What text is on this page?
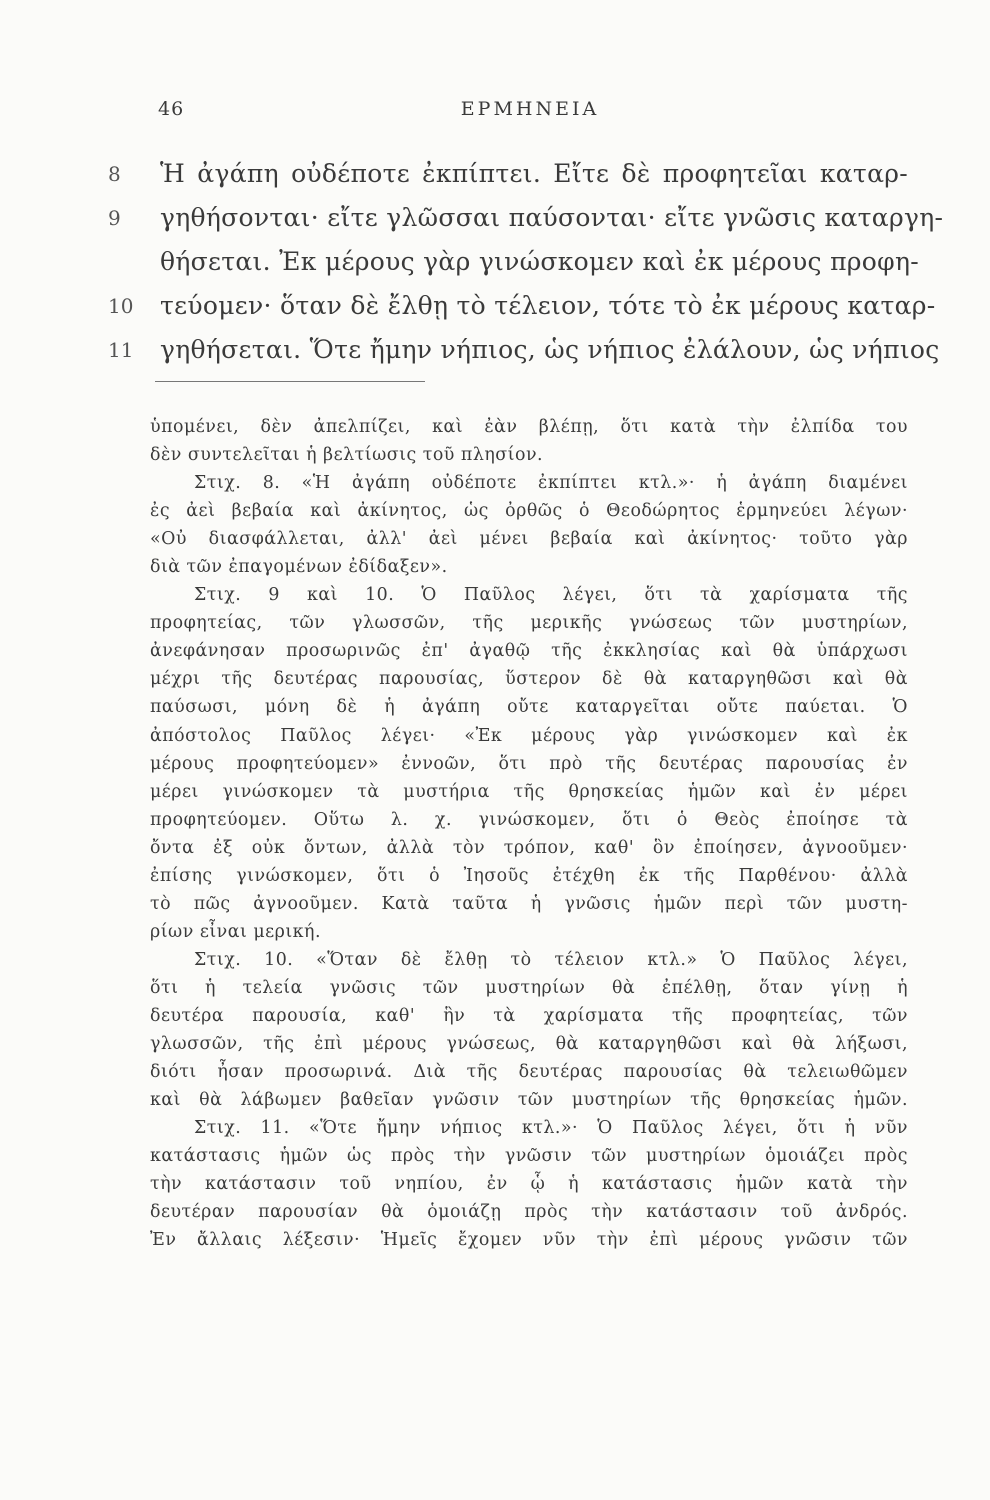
46	ΕΡΜΗΝΕΙΑ
8	Ἡ ἀγάπη οὐδέποτε ἐκπίπτει. Εἴτε δὲ προφητεῖαι καταρ-
9	γηθήσονται· εἴτε γλῶσσαι παύσονται· εἴτε γνῶσις καταργη-
θήσεται. Ἐκ μέρους γὰρ γινώσκομεν καὶ ἐκ μέρους προφη-
10	τεύομεν· ὅταν δὲ ἔλθῃ τὸ τέλειον, τότε τὸ ἐκ μέρους καταρ-
11	γηθήσεται. Ὅτε ἤμην νήπιος, ὡς νήπιος ἐλάλουν, ὡς νήπιος
ὑπομένει, δὲν ἀπελπίζει, καὶ ἐὰν βλέπῃ, ὅτι κατὰ τὴν ἐλπίδα του
δὲν συντελεῖται ἡ βελτίωσις τοῦ πλησίον.
Στιχ. 8. «Ἡ ἀγάπη οὐδέποτε ἐκπίπτει κτλ.»· ἡ ἀγάπη διαμένει
ἐς ἀεὶ βεβαία καὶ ἀκίνητος, ὡς ὀρθῶς ὁ Θεοδώρητος ἑρμηνεύει λέγων·
«Οὐ διασφάλλεται, ἀλλ' ἀεὶ μένει βεβαία καὶ ἀκίνητος· τοῦτο γὰρ
διὰ τῶν ἐπαγομένων ἐδίδαξεν».
Στιχ. 9 καὶ 10. Ὁ Παῦλος λέγει, ὅτι τὰ χαρίσματα τῆς
προφητείας, τῶν γλωσσῶν, τῆς μερικῆς γνώσεως τῶν μυστηρίων,
ἀνεφάνησαν προσωρινῶς ἐπ' ἀγαθῷ τῆς ἐκκλησίας καὶ θὰ ὑπάρχωσι
μέχρι τῆς δευτέρας παρουσίας, ὕστερον δὲ θὰ καταργηθῶσι καὶ θὰ
παύσωσι, μόνη δὲ ἡ ἀγάπη οὔτε καταργεῖται οὔτε παύεται. Ὁ
ἀπόστολος Παῦλος λέγει· «Ἐκ μέρους γὰρ γινώσκομεν καὶ ἐκ
μέρους προφητεύομεν» ἐννοῶν, ὅτι πρὸ τῆς δευτέρας παρουσίας ἐν
μέρει γινώσκομεν τὰ μυστήρια τῆς θρησκείας ἡμῶν καὶ ἐν μέρει
προφητεύομεν. Οὕτω λ. χ. γινώσκομεν, ὅτι ὁ Θεὸς ἐποίησε τὰ
ὄντα ἐξ οὐκ ὄντων, ἀλλὰ τὸν τρόπον, καθ' ὃν ἐποίησεν, ἀγνοοῦμεν·
ἐπίσης γινώσκομεν, ὅτι ὁ Ἰησοῦς ἐτέχθη ἐκ τῆς Παρθένου· ἀλλὰ
τὸ πῶς ἀγνοοῦμεν. Κατὰ ταῦτα ἡ γνῶσις ἡμῶν περὶ τῶν μυστη-
ρίων εἶναι μερική.
Στιχ. 10. «Ὅταν δὲ ἔλθῃ τὸ τέλειον κτλ.» Ὁ Παῦλος λέγει,
ὅτι ἡ τελεία γνῶσις τῶν μυστηρίων θὰ ἐπέλθῃ, ὅταν γίνῃ ἡ
δευτέρα παρουσία, καθ' ἣν τὰ χαρίσματα τῆς προφητείας, τῶν
γλωσσῶν, τῆς ἐπὶ μέρους γνώσεως, θὰ καταργηθῶσι καὶ θὰ λήξωσι,
διότι ἦσαν προσωρινά. Διὰ τῆς δευτέρας παρουσίας θὰ τελειωθῶμεν
καὶ θὰ λάβωμεν βαθεῖαν γνῶσιν τῶν μυστηρίων τῆς θρησκείας ἡμῶν.
Στιχ. 11. «Ὅτε ἤμην νήπιος κτλ.»· Ὁ Παῦλος λέγει, ὅτι ἡ νῦν
κατάστασις ἡμῶν ὡς πρὸς τὴν γνῶσιν τῶν μυστηρίων ὁμοιάζει πρὸς
τὴν κατάστασιν τοῦ νηπίου, ἐν ᾧ ἡ κατάστασις ἡμῶν κατὰ τὴν
δευτέραν παρουσίαν θὰ ὁμοιάζῃ πρὸς τὴν κατάστασιν τοῦ ἀνδρός.
Ἐν ἄλλαις λέξεσιν· Ἡμεῖς ἔχομεν νῦν τὴν ἐπὶ μέρους γνῶσιν τῶν
